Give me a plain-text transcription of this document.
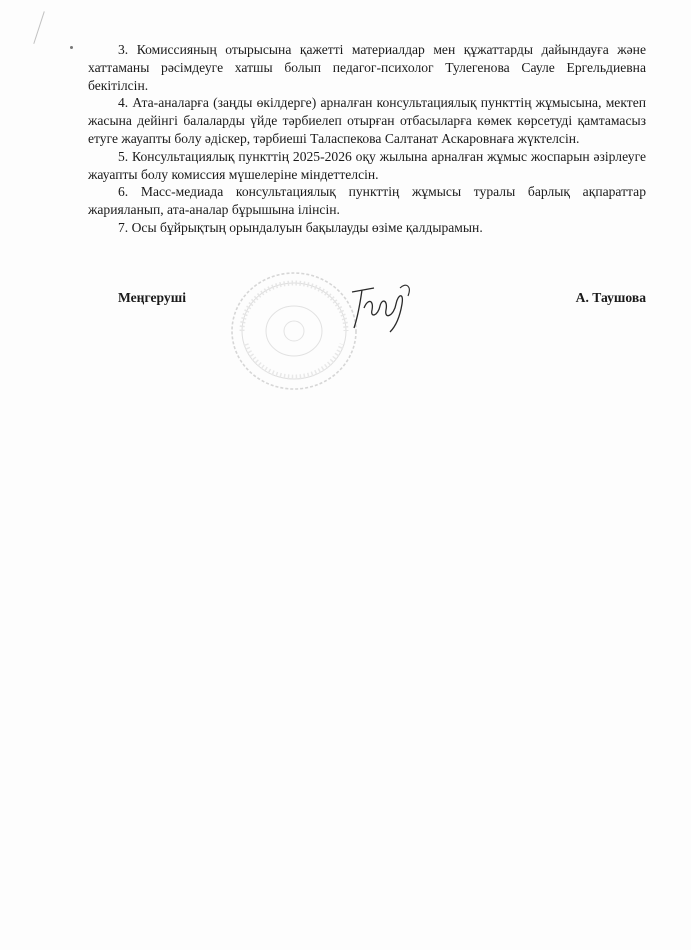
3. Комиссияның отырысына қажетті материалдар мен құжаттарды дайындауға және хаттаманы рәсімдеуге хатшы болып педагог-психолог Тулегенова Сауле Ергельдиевна бекітілсін.

4. Ата-аналарға (заңды өкілдерге) арналған консультациялық пункттің жұмысына, мектеп жасына дейінгі балаларды үйде тәрбиелеп отырған отбасыларға көмек көрсетуді қамтамасыз етуге жауапты болу әдіскер, тәрбиеші Таласпекова Салтанат Аскаровнаға жүктелсін.

5. Консультациялық пункттің 2025-2026 оқу жылына арналған жұмыс жоспарын әзірлеуге жауапты болу комиссия мүшелеріне міндеттелсін.

6. Масс-медиада консультациялық пункттің жұмысы туралы барлық ақпараттар жарияланып, ата-аналар бұрышына ілінсін.

7. Осы бұйрықтың орындалуын бақылауды өзіме қалдырамын.

Меңгеруші	А. Таушова
